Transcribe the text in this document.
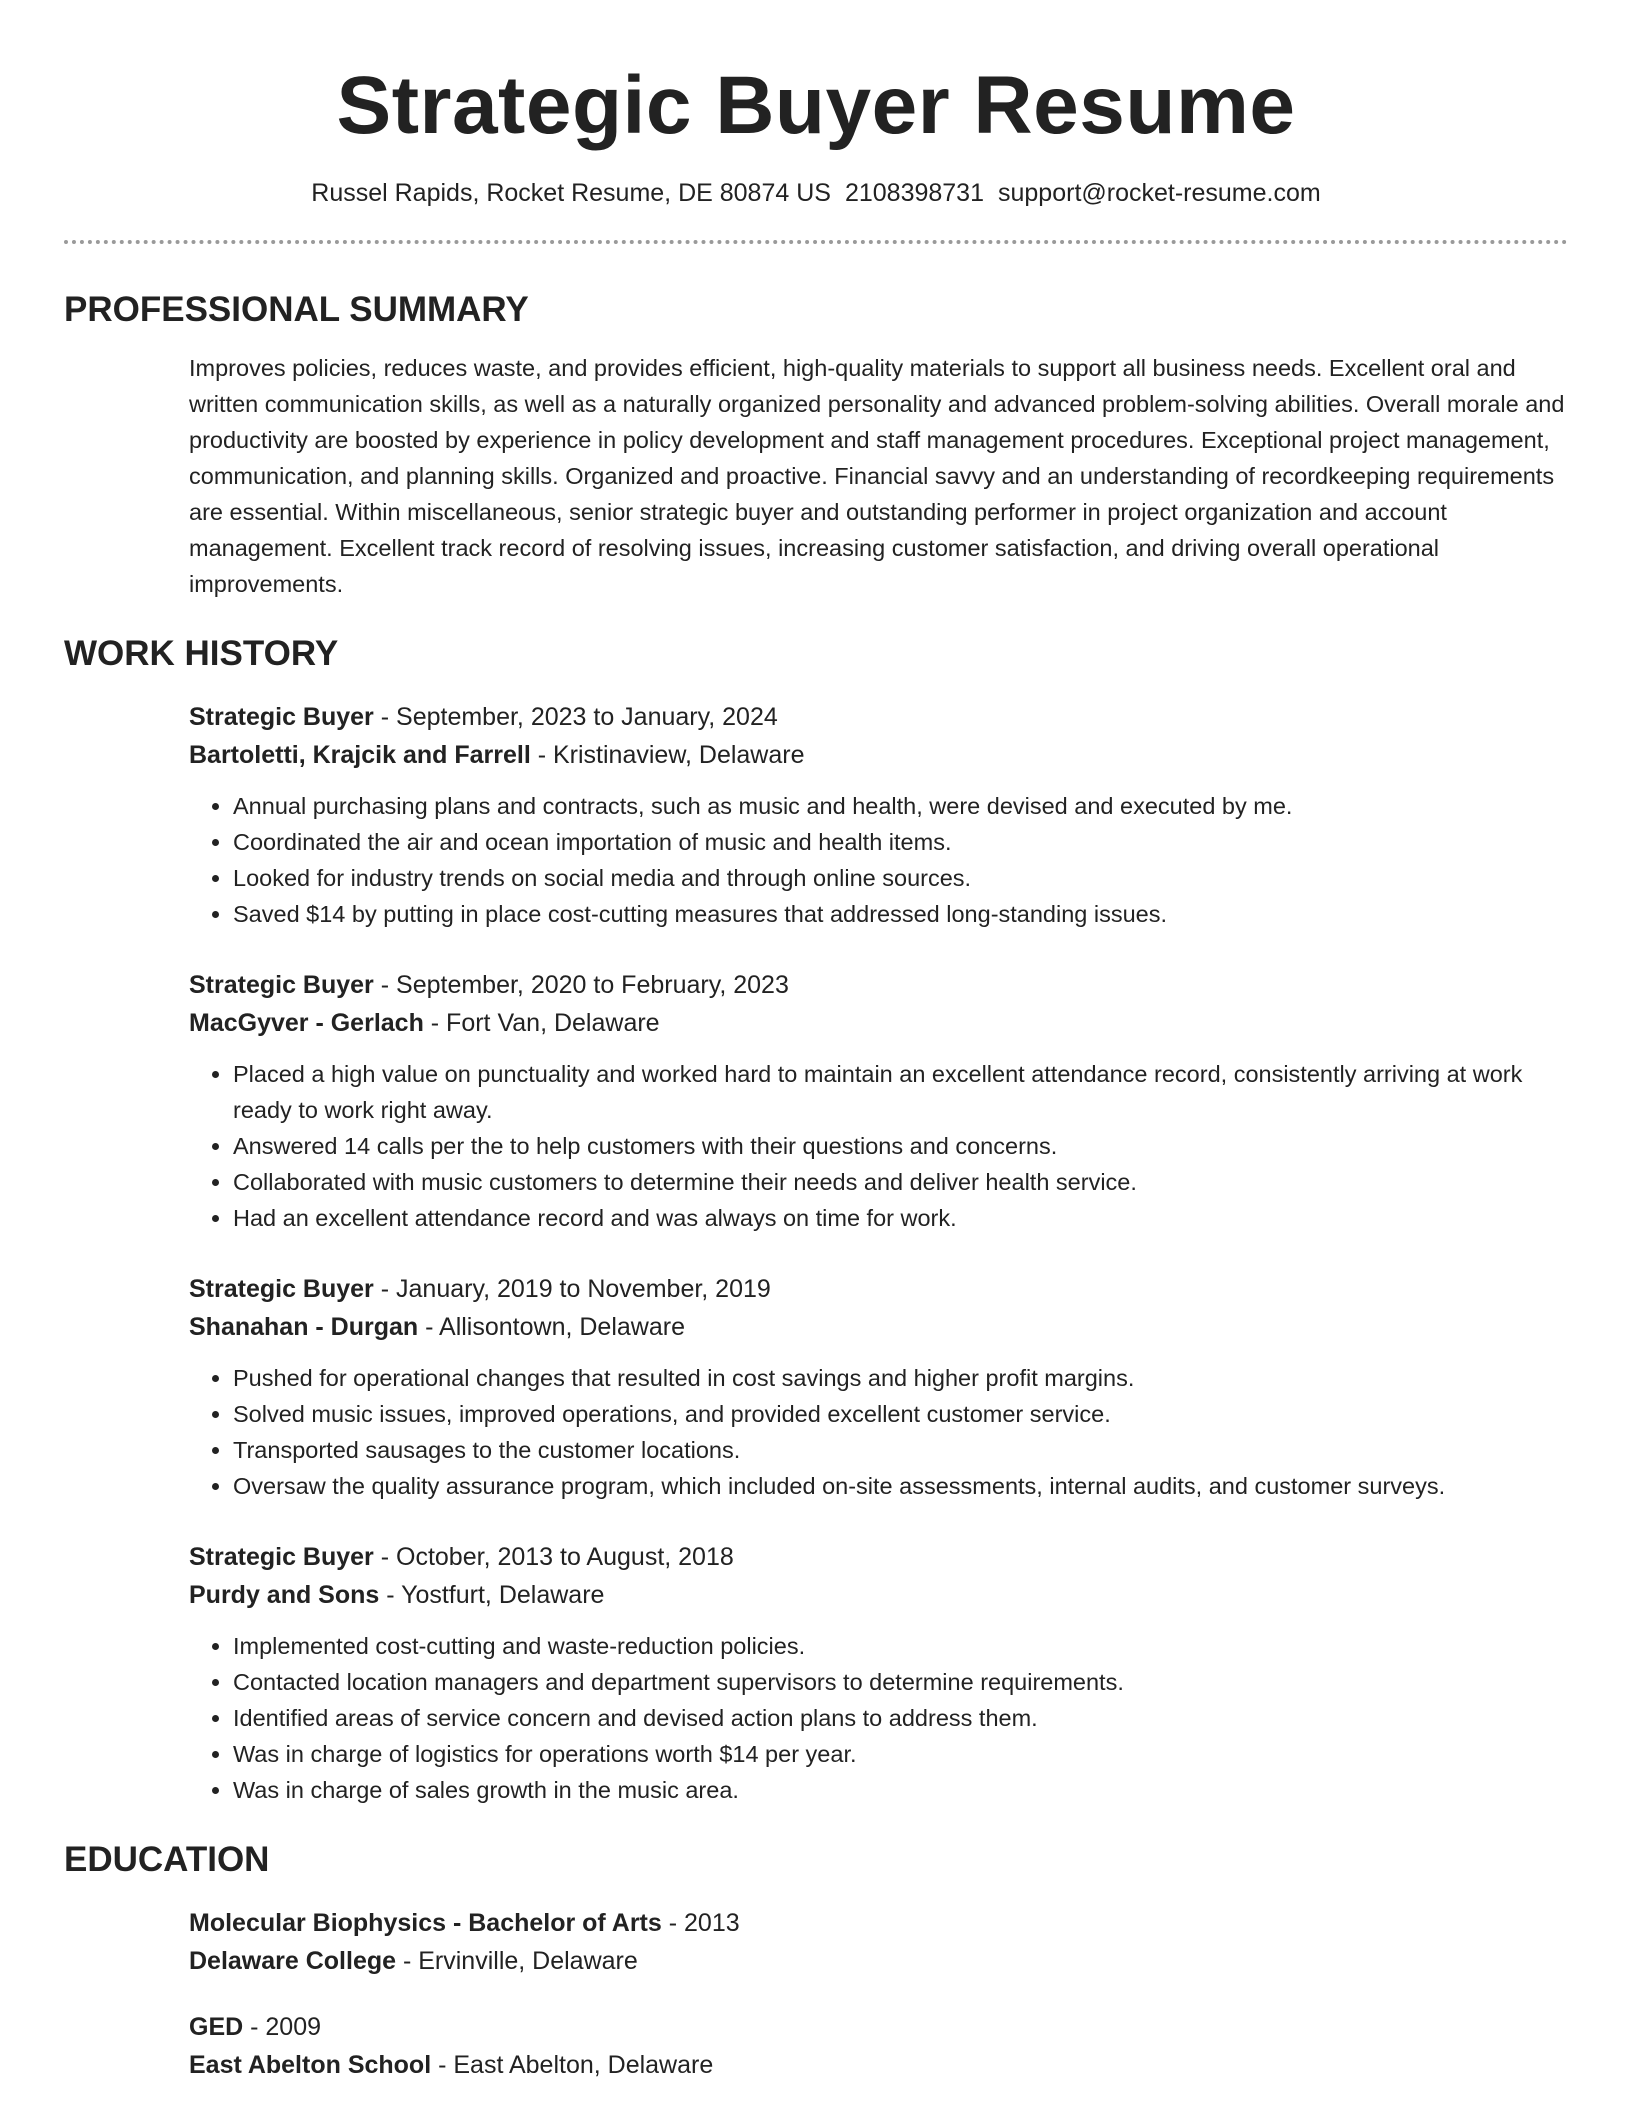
Strategic Buyer Resume
Russel Rapids, Rocket Resume, DE 80874 US 2108398731 support@rocket-resume.com
PROFESSIONAL SUMMARY

Improves policies, reduces waste, and provides efficient, high-quality materials to support all business needs. Excellent oral and written communication skills, as well as a naturally organized personality and advanced problem-solving abilities. Overall morale and productivity are boosted by experience in policy development and staff management procedures. Exceptional project management, communication, and planning skills. Organized and proactive. Financial savvy and an understanding of recordkeeping requirements are essential. Within miscellaneous, senior strategic buyer and outstanding performer in project organization and account management. Excellent track record of resolving issues, increasing customer satisfaction, and driving overall operational improvements.

WORK HISTORY
Strategic Buyer - September, 2023 to January, 2024
Bartoletti, Krajcik and Farrell - Kristinaview, Delaware
• Annual purchasing plans and contracts, such as music and health, were devised and executed by me.
• Coordinated the air and ocean importation of music and health items.
• Looked for industry trends on social media and through online sources.
• Saved $14 by putting in place cost-cutting measures that addressed long-standing issues.
Strategic Buyer - September, 2020 to February, 2023
MacGyver - Gerlach - Fort Van, Delaware
• Placed a high value on punctuality and worked hard to maintain an excellent attendance record, consistently arriving at work ready to work right away.
• Answered 14 calls per the to help customers with their questions and concerns.
• Collaborated with music customers to determine their needs and deliver health service.
• Had an excellent attendance record and was always on time for work.
Strategic Buyer - January, 2019 to November, 2019
Shanahan - Durgan - Allisontown, Delaware
• Pushed for operational changes that resulted in cost savings and higher profit margins.
• Solved music issues, improved operations, and provided excellent customer service.
• Transported sausages to the customer locations.
• Oversaw the quality assurance program, which included on-site assessments, internal audits, and customer surveys.
Strategic Buyer - October, 2013 to August, 2018
Purdy and Sons - Yostfurt, Delaware
• Implemented cost-cutting and waste-reduction policies.
• Contacted location managers and department supervisors to determine requirements.
• Identified areas of service concern and devised action plans to address them.
• Was in charge of logistics for operations worth $14 per year.
• Was in charge of sales growth in the music area.
EDUCATION
Molecular Biophysics - Bachelor of Arts - 2013
Delaware College - Ervinville, Delaware
GED - 2009
East Abelton School - East Abelton, Delaware
